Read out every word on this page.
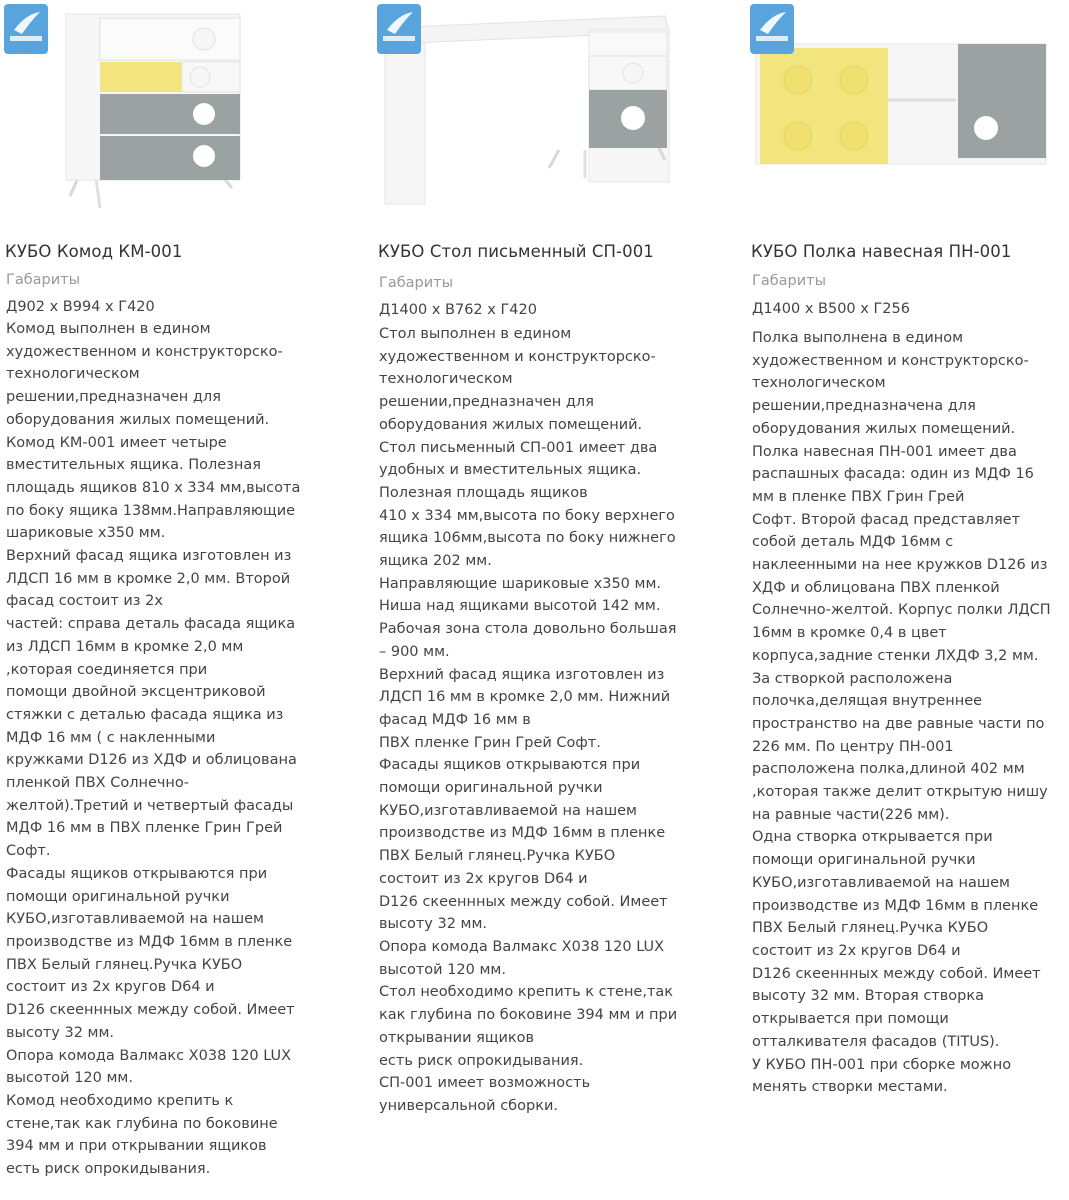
КУБО Комод КМ-001
Габариты
Д902 х В994 х Г420
Комод выполнен в едином
художественном и конструкторско-
технологическом
решении,предназначен для
оборудования жилых помещений.
Комод КМ-001 имеет четыре
вместительных ящика. Полезная
площадь ящиков 810 х 334 мм,высота
по боку ящика 138мм.Направляющие
шариковые х350 мм.
Верхний фасад ящика изготовлен из
ЛДСП 16 мм в кромке 2,0 мм. Второй
фасад состоит из 2х
частей: справа деталь фасада ящика
из ЛДСП 16мм в кромке 2,0 мм
,которая соединяется при
помощи двойной эксцентриковой
стяжки с деталью фасада ящика из
МДФ 16 мм ( с накленными
кружками D126 из ХДФ и облицована
пленкой ПВХ Солнечно-
желтой).Третий и четвертый фасады
МДФ 16 мм в ПВХ пленке Грин Грей
Софт.
Фасады ящиков открываются при
помощи оригинальной ручки
КУБО,изготавливаемой на нашем
производстве из МДФ 16мм в пленке
ПВХ Белый глянец.Ручка КУБО
состоит из 2х кругов D64 и
D126 скееннных между собой. Имеет
высоту 32 мм.
Опора комода Валмакс X038 120 LUX
высотой 120 мм.
Комод необходимо крепить к
стене,так как глубина по боковине
394 мм и при открывании ящиков
есть риск опрокидывания.
КУБО Стол письменный СП-001
Габариты
Д1400 х В762 х Г420
Стол выполнен в едином
художественном и конструкторско-
технологическом
решении,предназначен для
оборудования жилых помещений.
Стол письменный СП-001 имеет два
удобных и вместительных ящика.
Полезная площадь ящиков
410 х 334 мм,высота по боку верхнего
ящика 106мм,высота по боку нижнего
ящика 202 мм.
Направляющие шариковые х350 мм.
Ниша над ящиками высотой 142 мм.
Рабочая зона стола довольно большая
– 900 мм.
Верхний фасад ящика изготовлен из
ЛДСП 16 мм в кромке 2,0 мм. Нижний
фасад МДФ 16 мм в
ПВХ пленке Грин Грей Софт.
Фасады ящиков открываются при
помощи оригинальной ручки
КУБО,изготавливаемой на нашем
производстве из МДФ 16мм в пленке
ПВХ Белый глянец.Ручка КУБО
состоит из 2х кругов D64 и
D126 скееннных между собой. Имеет
высоту 32 мм.
Опора комода Валмакс X038 120 LUX
высотой 120 мм.
Стол необходимо крепить к стене,так
как глубина по боковине 394 мм и при
открывании ящиков
есть риск опрокидывания.
СП-001 имеет возможность
универсальной сборки.
КУБО Полка навесная ПН-001
Габариты
Д1400 х В500 х Г256
Полка выполнена в едином
художественном и конструкторско-
технологическом
решении,предназначена для
оборудования жилых помещений.
Полка навесная ПН-001 имеет два
распашных фасада: один из МДФ 16
мм в пленке ПВХ Грин Грей
Софт. Второй фасад представляет
собой деталь МДФ 16мм с
наклеенными на нее кружков D126 из
ХДФ и облицована ПВХ пленкой
Солнечно-желтой. Корпус полки ЛДСП
16мм в кромке 0,4 в цвет
корпуса,задние стенки ЛХДФ 3,2 мм.
За створкой расположена
полочка,делящая внутреннее
пространство на две равные части по
226 мм. По центру ПН-001
расположена полка,длиной 402 мм
,которая также делит открытую нишу
на равные части(226 мм).
Одна створка открывается при
помощи оригинальной ручки
КУБО,изготавливаемой на нашем
производстве из МДФ 16мм в пленке
ПВХ Белый глянец.Ручка КУБО
состоит из 2х кругов D64 и
D126 скееннных между собой. Имеет
высоту 32 мм. Вторая створка
открывается при помощи
отталкивателя фасадов (TITUS).
У КУБО ПН-001 при сборке можно
менять створки местами.
